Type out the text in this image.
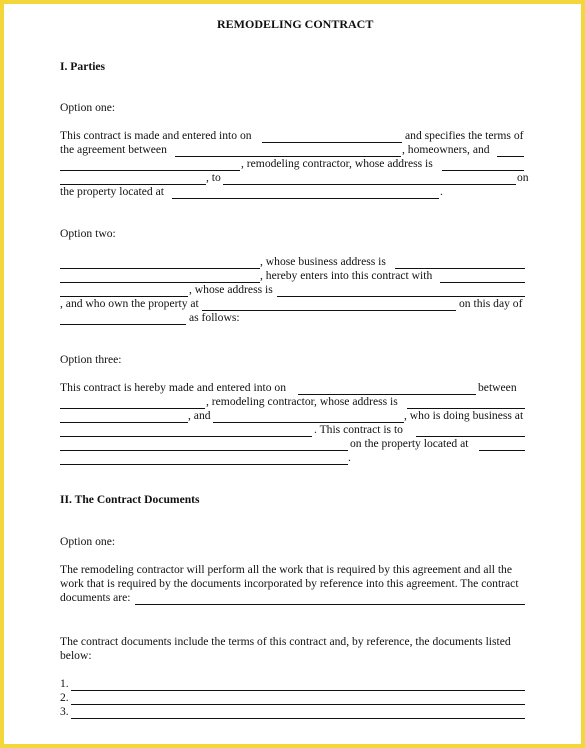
REMODELING CONTRACT
I. Parties
Option one:
This contract is made and entered into on	and specifies the terms of
the agreement between	, homeowners, and
, remodeling contractor, whose address is
, to	on
the property located at	.
Option two:
, whose business address is
, hereby enters into this contract with
, whose address is
, and who own the property at	on this day of
as follows:
Option three:
This contract is hereby made and entered into on	between
, remodeling contractor, whose address is
, and	, who is doing business at
. This contract is to
on the property located at
.
II. The Contract Documents
Option one:
The remodeling contractor will perform all the work that is required by this agreement and all the
work that is required by the documents incorporated by reference into this agreement. The contract
documents are:
The contract documents include the terms of this contract and, by reference, the documents listed
below:
1.
2.
3.
